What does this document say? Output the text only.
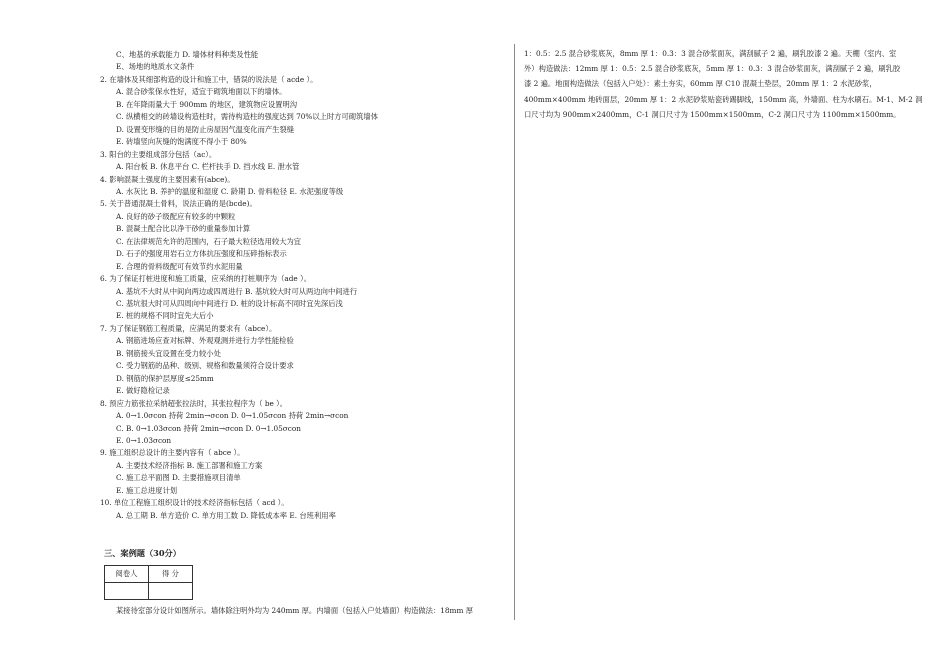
C、地基的承载能力 D. 墙体材料种类及性能
E、场地的地质水文条件
2. 在墙体及其细部构造的设计和施工中，错误的说法是（ acde ）。
A. 混合砂浆保水性好，适宜于砌筑地面以下的墙体。
B. 在年降雨量大于 900mm 的地区，建筑物应设置明沟
C. 纵横相交的砖墙设构造柱时，需待构造柱的强度达到 70%以上时方可砌筑墙体
D. 设置变形缝的目的是防止房屋因气温变化而产生裂缝
E. 砖墙竖向灰缝的饱满度不得小于 80%
3. 阳台的主要组成部分包括（ac）。
A. 阳台板 B. 休息平台 C. 栏杆扶手 D. 挡水线 E. 泄水管
4. 影响混凝土强度的主要因素有(abce)。
A. 水灰比 B. 养护的温度和湿度 C. 龄期 D. 骨料粒径 E. 水泥强度等级
5. 关于普通混凝土骨料，说法正确的是(bcde)。
A. 良好的砂子级配应有较多的中颗粒
B. 混凝土配合比以净干砂的重量参加计算
C. 在法律规范允许的范围内，石子最大粒径选用较大为宜
D. 石子的强度用岩石立方体抗压强度和压碎指标表示
E. 合理的骨料级配可有效节约水泥用量
6. 为了保证打桩进度和施工质量，应采纳的打桩顺序为（ade ）。
A. 基坑不大时从中间向两边或四周进行 B. 基坑较大时可从两边向中间进行
C. 基坑很大时可从四周向中间进行 D. 桩的设计标高不同时宜先深后浅
E. 桩的规格不同时宜先大后小
7. 为了保证钢筋工程质量，应满足的要求有（abce）。
A. 钢筋进场应查对标牌、外观观测并进行力学性能检验
B. 钢筋接头宜设置在受力较小处
C. 受力钢筋的品种、级别、规格和数量须符合设计要求
D. 钢筋的保护层厚度≤25mm
E. 做好隐检记录
8. 预应力筋张拉采纳超张拉法时，其张拉程序为（ be ）。
A. 0→1.0σcon 持荷 2min→σcon D. 0→1.05σcon 持荷 2min→σcon
C. B. 0→1.03σcon 持荷 2min→σcon D. 0→1.05σcon
E. 0→1.03σcon
9. 施工组织总设计的主要内容有（ abce ）。
A. 主要技术经济指标 B. 施工部署和施工方案
C. 施工总平面图 D. 主要措施项目清单
E. 施工总进度计划
10. 单位工程施工组织设计的技术经济指标包括（ acd ）。
A. 总工期 B. 单方造价 C. 单方用工数 D. 降低成本率 E. 台班利用率
三、案例题（30分）
阅卷人	得 分

某接待室部分设计如图所示。墙体除注明外均为 240mm 厚。内墙面（包括入户处墙面）构造做法：18mm 厚
1：0.5：2.5 混合砂浆底灰，8mm 厚 1：0.3：3 混合砂浆面灰，满刮腻子 2 遍，刷乳胶漆 2 遍。天棚（室内、室
外）构造做法：12mm 厚 1：0.5：2.5 混合砂浆底灰，5mm 厚 1：0.3：3 混合砂浆面灰，满刮腻子 2 遍，刷乳胶
漆 2 遍。地面构造做法（包括入户处）：素土夯实，60mm 厚 C10 混凝土垫层，20mm 厚 1：2 水泥砂浆，
400mm×400mm 地砖面层，20mm 厚 1：2 水泥砂浆贴瓷砖踢脚线，150mm 高，外墙面、柱为水刷石。M-1、M-2 洞
口尺寸均为 900mm×2400mm，C-1 洞口尺寸为 1500mm×1500mm，C-2 洞口尺寸为 1100mm×1500mm。
